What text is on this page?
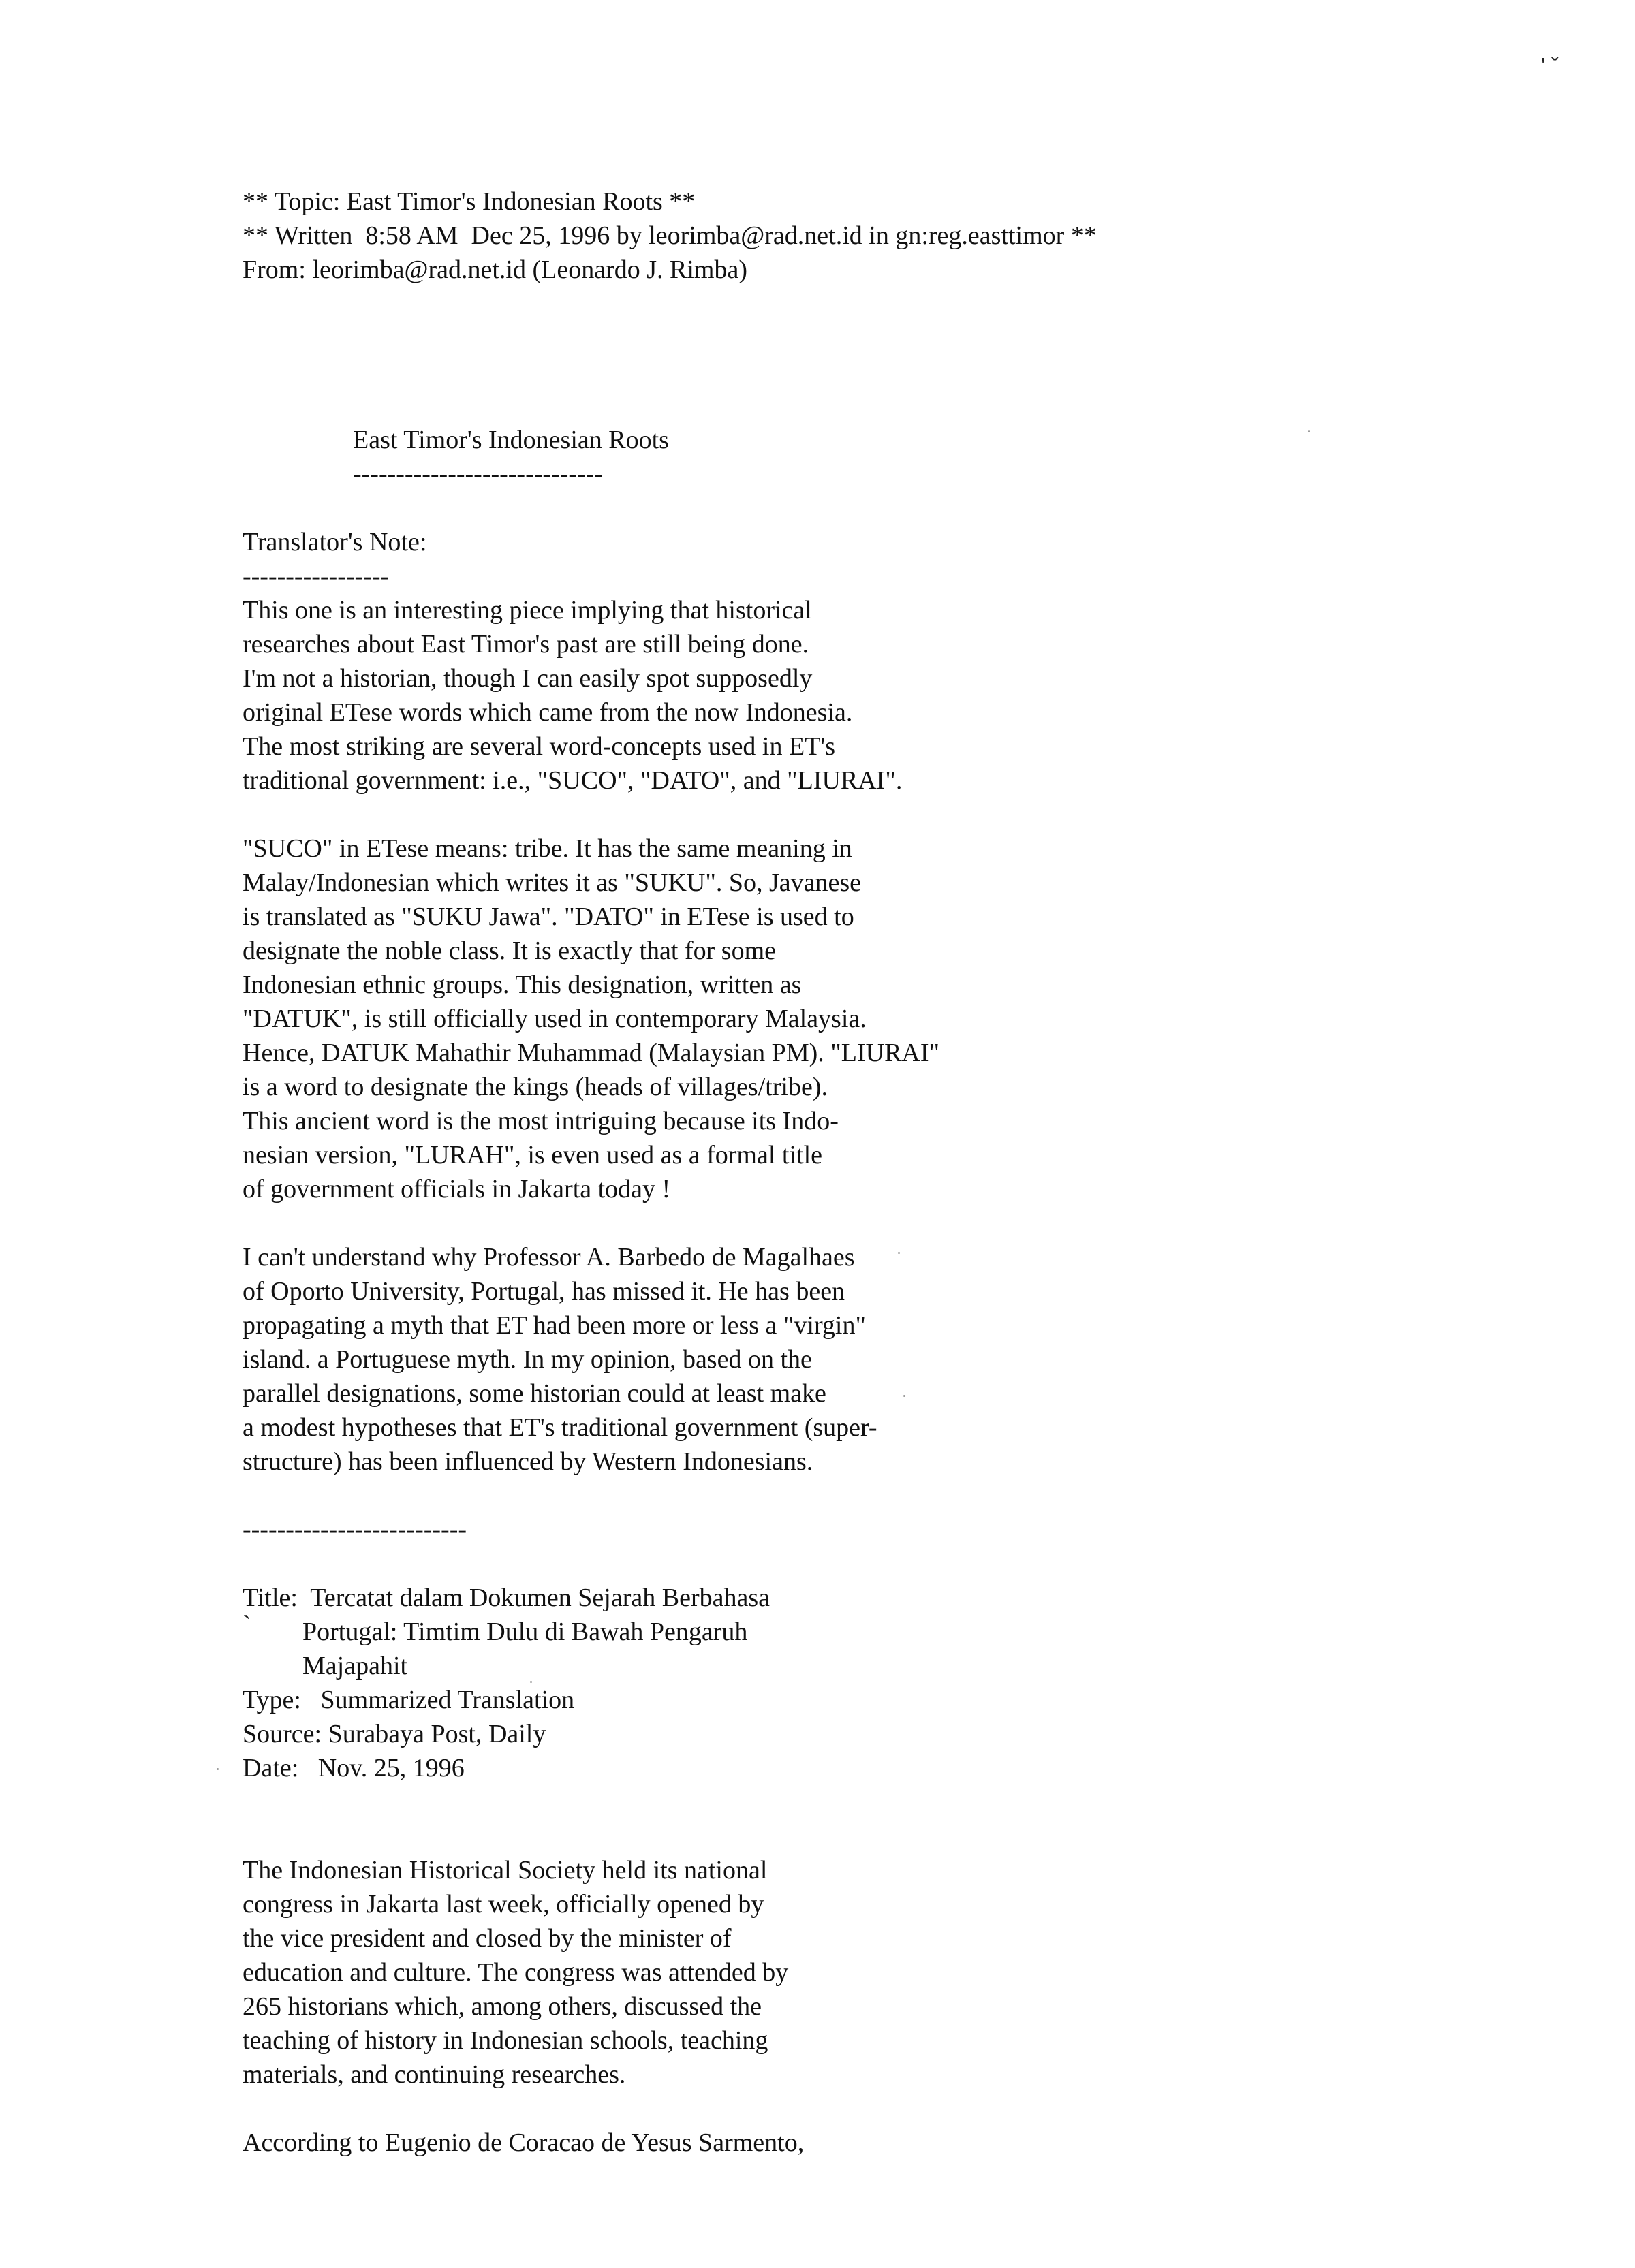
' ˇ
** Topic: East Timor's Indonesian Roots **
** Written  8:58 AM  Dec 25, 1996 by leorimba@rad.net.id in gn:reg.easttimor **
From: leorimba@rad.net.id (Leonardo J. Rimba)
East Timor's Indonesian Roots
-----------------------------
Translator's Note:
-----------------
This one is an interesting piece implying that historical
researches about East Timor's past are still being done.
I'm not a historian, though I can easily spot supposedly
original ETese words which came from the now Indonesia.
The most striking are several word-concepts used in ET's
traditional government: i.e., "SUCO", "DATO", and "LIURAI".
"SUCO" in ETese means: tribe. It has the same meaning in
Malay/Indonesian which writes it as "SUKU". So, Javanese
is translated as "SUKU Jawa". "DATO" in ETese is used to
designate the noble class. It is exactly that for some
Indonesian ethnic groups. This designation, written as
"DATUK", is still officially used in contemporary Malaysia.
Hence, DATUK Mahathir Muhammad (Malaysian PM). "LIURAI"
is a word to designate the kings (heads of villages/tribe).
This ancient word is the most intriguing because its Indo-
nesian version, "LURAH", is even used as a formal title
of government officials in Jakarta today !
I can't understand why Professor A. Barbedo de Magalhaes
of Oporto University, Portugal, has missed it. He has been
propagating a myth that ET had been more or less a "virgin"
island. a Portuguese myth. In my opinion, based on the
parallel designations, some historian could at least make
a modest hypotheses that ET's traditional government (super-
structure) has been influenced by Western Indonesians.
--------------------------
Title:  Tercatat dalam Dokumen Sejarah Berbahasa
` Portugal: Timtim Dulu di Bawah Pengaruh
Majapahit
Type:   Summarized Translation
Source: Surabaya Post, Daily
Date:   Nov. 25, 1996
The Indonesian Historical Society held its national
congress in Jakarta last week, officially opened by
the vice president and closed by the minister of
education and culture. The congress was attended by
265 historians which, among others, discussed the
teaching of history in Indonesian schools, teaching
materials, and continuing researches.
According to Eugenio de Coracao de Yesus Sarmento,
